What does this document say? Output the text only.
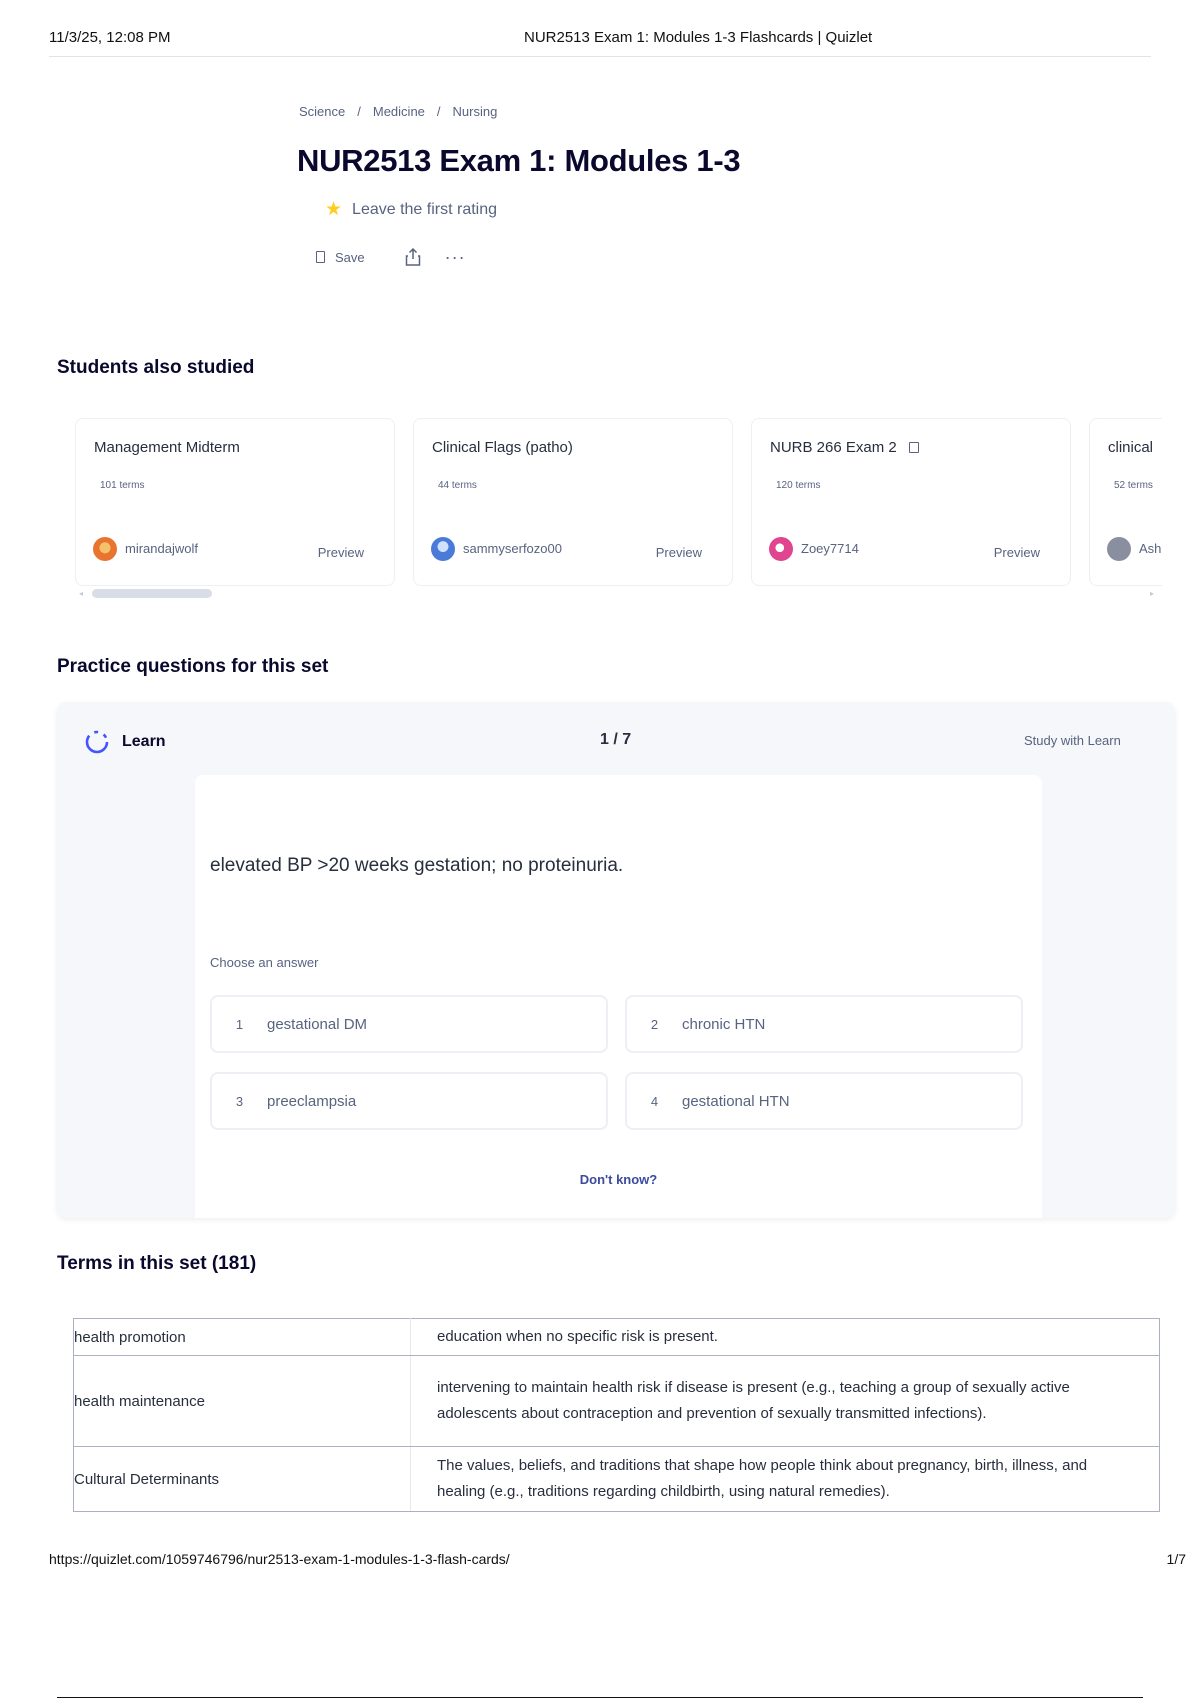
11/3/25, 12:08 PM	NUR2513 Exam 1: Modules 1-3 Flashcards | Quizlet
Science / Medicine / Nursing
NUR2513 Exam 1: Modules 1-3
★ Leave the first rating
Save	···
Students also studied
Management Midterm
101 terms
mirandajwolf	Preview
Clinical Flags (patho)
44 terms
sammyserfozo00	Preview
NURB 266 Exam 2
120 terms
Zoey7714	Preview
clinical
52 terms
Ash
◂	▸
Practice questions for this set
Learn	1 / 7	Study with Learn
elevated BP >20 weeks gestation; no proteinuria.
Choose an answer
1	gestational DM	2	chronic HTN
3	preeclampsia	4	gestational HTN
Don't know?
Terms in this set (181)
health promotion	education when no specific risk is present.
health maintenance	intervening to maintain health risk if disease is present (e.g., teaching a group of sexually active adolescents about contraception and prevention of sexually transmitted infections).
Cultural Determinants	The values, beliefs, and traditions that shape how people think about pregnancy, birth, illness, and healing (e.g., traditions regarding childbirth, using natural remedies).
https://quizlet.com/1059746796/nur2513-exam-1-modules-1-3-flash-cards/	1/7
